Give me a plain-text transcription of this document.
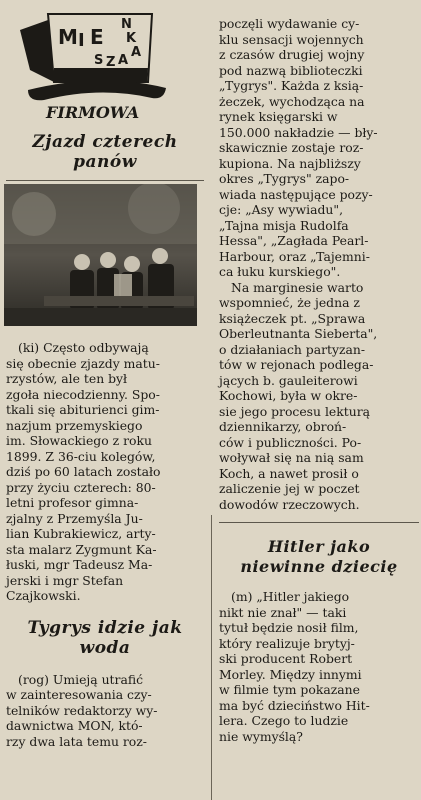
M I E
S Z A
N
K
A
FIRMOWA
Zjazd czterech
panów

(ki) Często odbywają

się obecnie zjazdy matu-

rzystów, ale ten był

zgoła niecodzienny. Spo-

tkali się abiturienci gim-

nazjum przemyskiego

im. Słowackiego z roku

1899. Z 36-ciu kolegów,

dziś po 60 latach zostało

przy życiu czterech: 80-

letni profesor gimna-

zjalny z Przemyśla Ju-

lian Kubrakiewicz, arty-

sta malarz Zygmunt Ka-

łuski, mgr Tadeusz Ma-

jerski i mgr Stefan

Czajkowski.

Tygrys idzie jak
woda

(rog) Umieją utrafić

w zainteresowania czy-

telników redaktorzy wy-

dawnictwa MON, któ-

rzy dwa lata temu roz-

poczęli wydawanie cy-

klu sensacji wojennych

z czasów drugiej wojny

pod nazwą biblioteczki

„Tygrys". Każda z ksią-

żeczek, wychodząca na

rynek księgarski w

150.000 nakładzie — bły-

skawicznie zostaje roz-

kupiona. Na najbliższy

okres „Tygrys" zapo-

wiada następujące pozy-

cje: „Asy wywiadu",

„Tajna misja Rudolfa

Hessa", „Zagłada Pearl-

Harbour, oraz „Tajemni-

ca łuku kurskiego".

Na marginesie warto

wspomnieć, że jedna z

książeczek pt. „Sprawa

Oberleutnanta Sieberta",

o działaniach partyzan-

tów w rejonach podlega-

jących b. gauleiterowi

Kochowi, była w okre-

sie jego procesu lekturą

dziennikarzy, obroń-

ców i publiczności. Po-

woływał się na nią sam

Koch, a nawet prosił o

zaliczenie jej w poczet

dowodów rzeczowych.

Hitler jako
niewinne dziecię

(m) „Hitler jakiego

nikt nie znał" — taki

tytuł będzie nosił film,

który realizuje brytyj-

ski producent Robert

Morley. Między innymi

w filmie tym pokazane

ma być dzieciństwo Hit-

lera. Czego to ludzie

nie wymyślą?
